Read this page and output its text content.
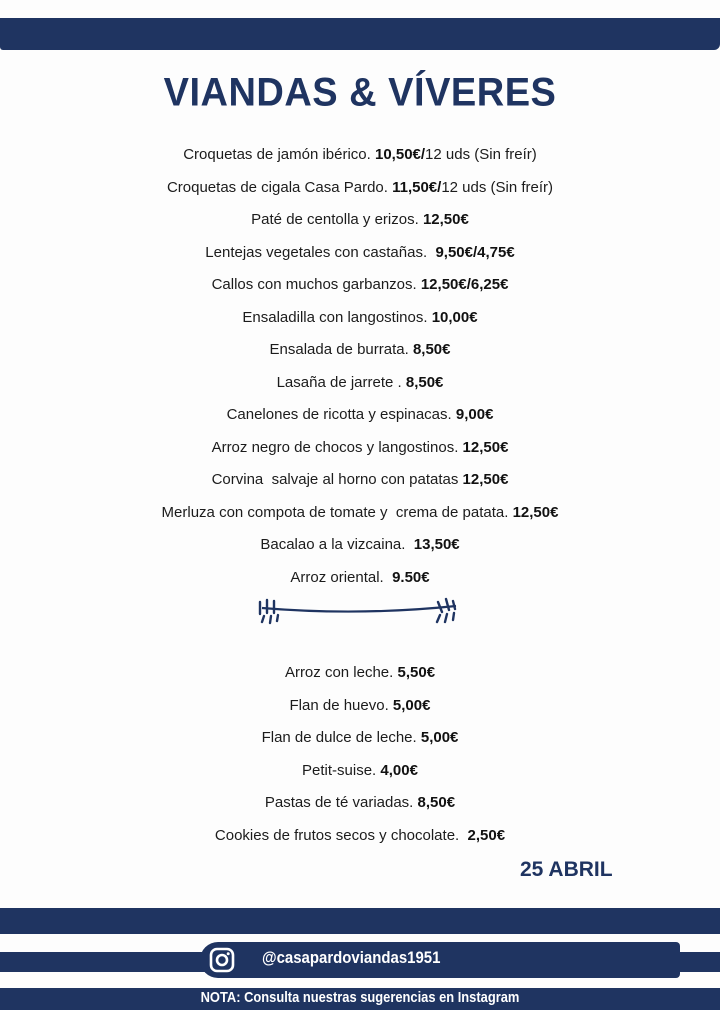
VIANDAS & VÍVERES
Croquetas de jamón ibérico. 10,50€/12 uds (Sin freír)
Croquetas de cigala Casa Pardo. 11,50€/12 uds (Sin freír)
Paté de centolla y erizos. 12,50€
Lentejas vegetales con castañas.  9,50€/4,75€
Callos con muchos garbanzos. 12,50€/6,25€
Ensaladilla con langostinos. 10,00€
Ensalada de burrata. 8,50€
Lasaña de jarrete . 8,50€
Canelones de ricotta y espinacas. 9,00€
Arroz negro de chocos y langostinos. 12,50€
Corvina  salvaje al horno con patatas 12,50€
Merluza con compota de tomate y  crema de patata. 12,50€
Bacalao a la vizcaina.  13,50€
Arroz oriental.  9.50€
Arroz con leche. 5,50€
Flan de huevo. 5,00€
Flan de dulce de leche. 5,00€
Petit-suise. 4,00€
Pastas de té variadas. 8,50€
Cookies de frutos secos y chocolate.  2,50€
25 ABRIL
@casapardoviandas1951
NOTA: Consulta nuestras sugerencias en Instagram
